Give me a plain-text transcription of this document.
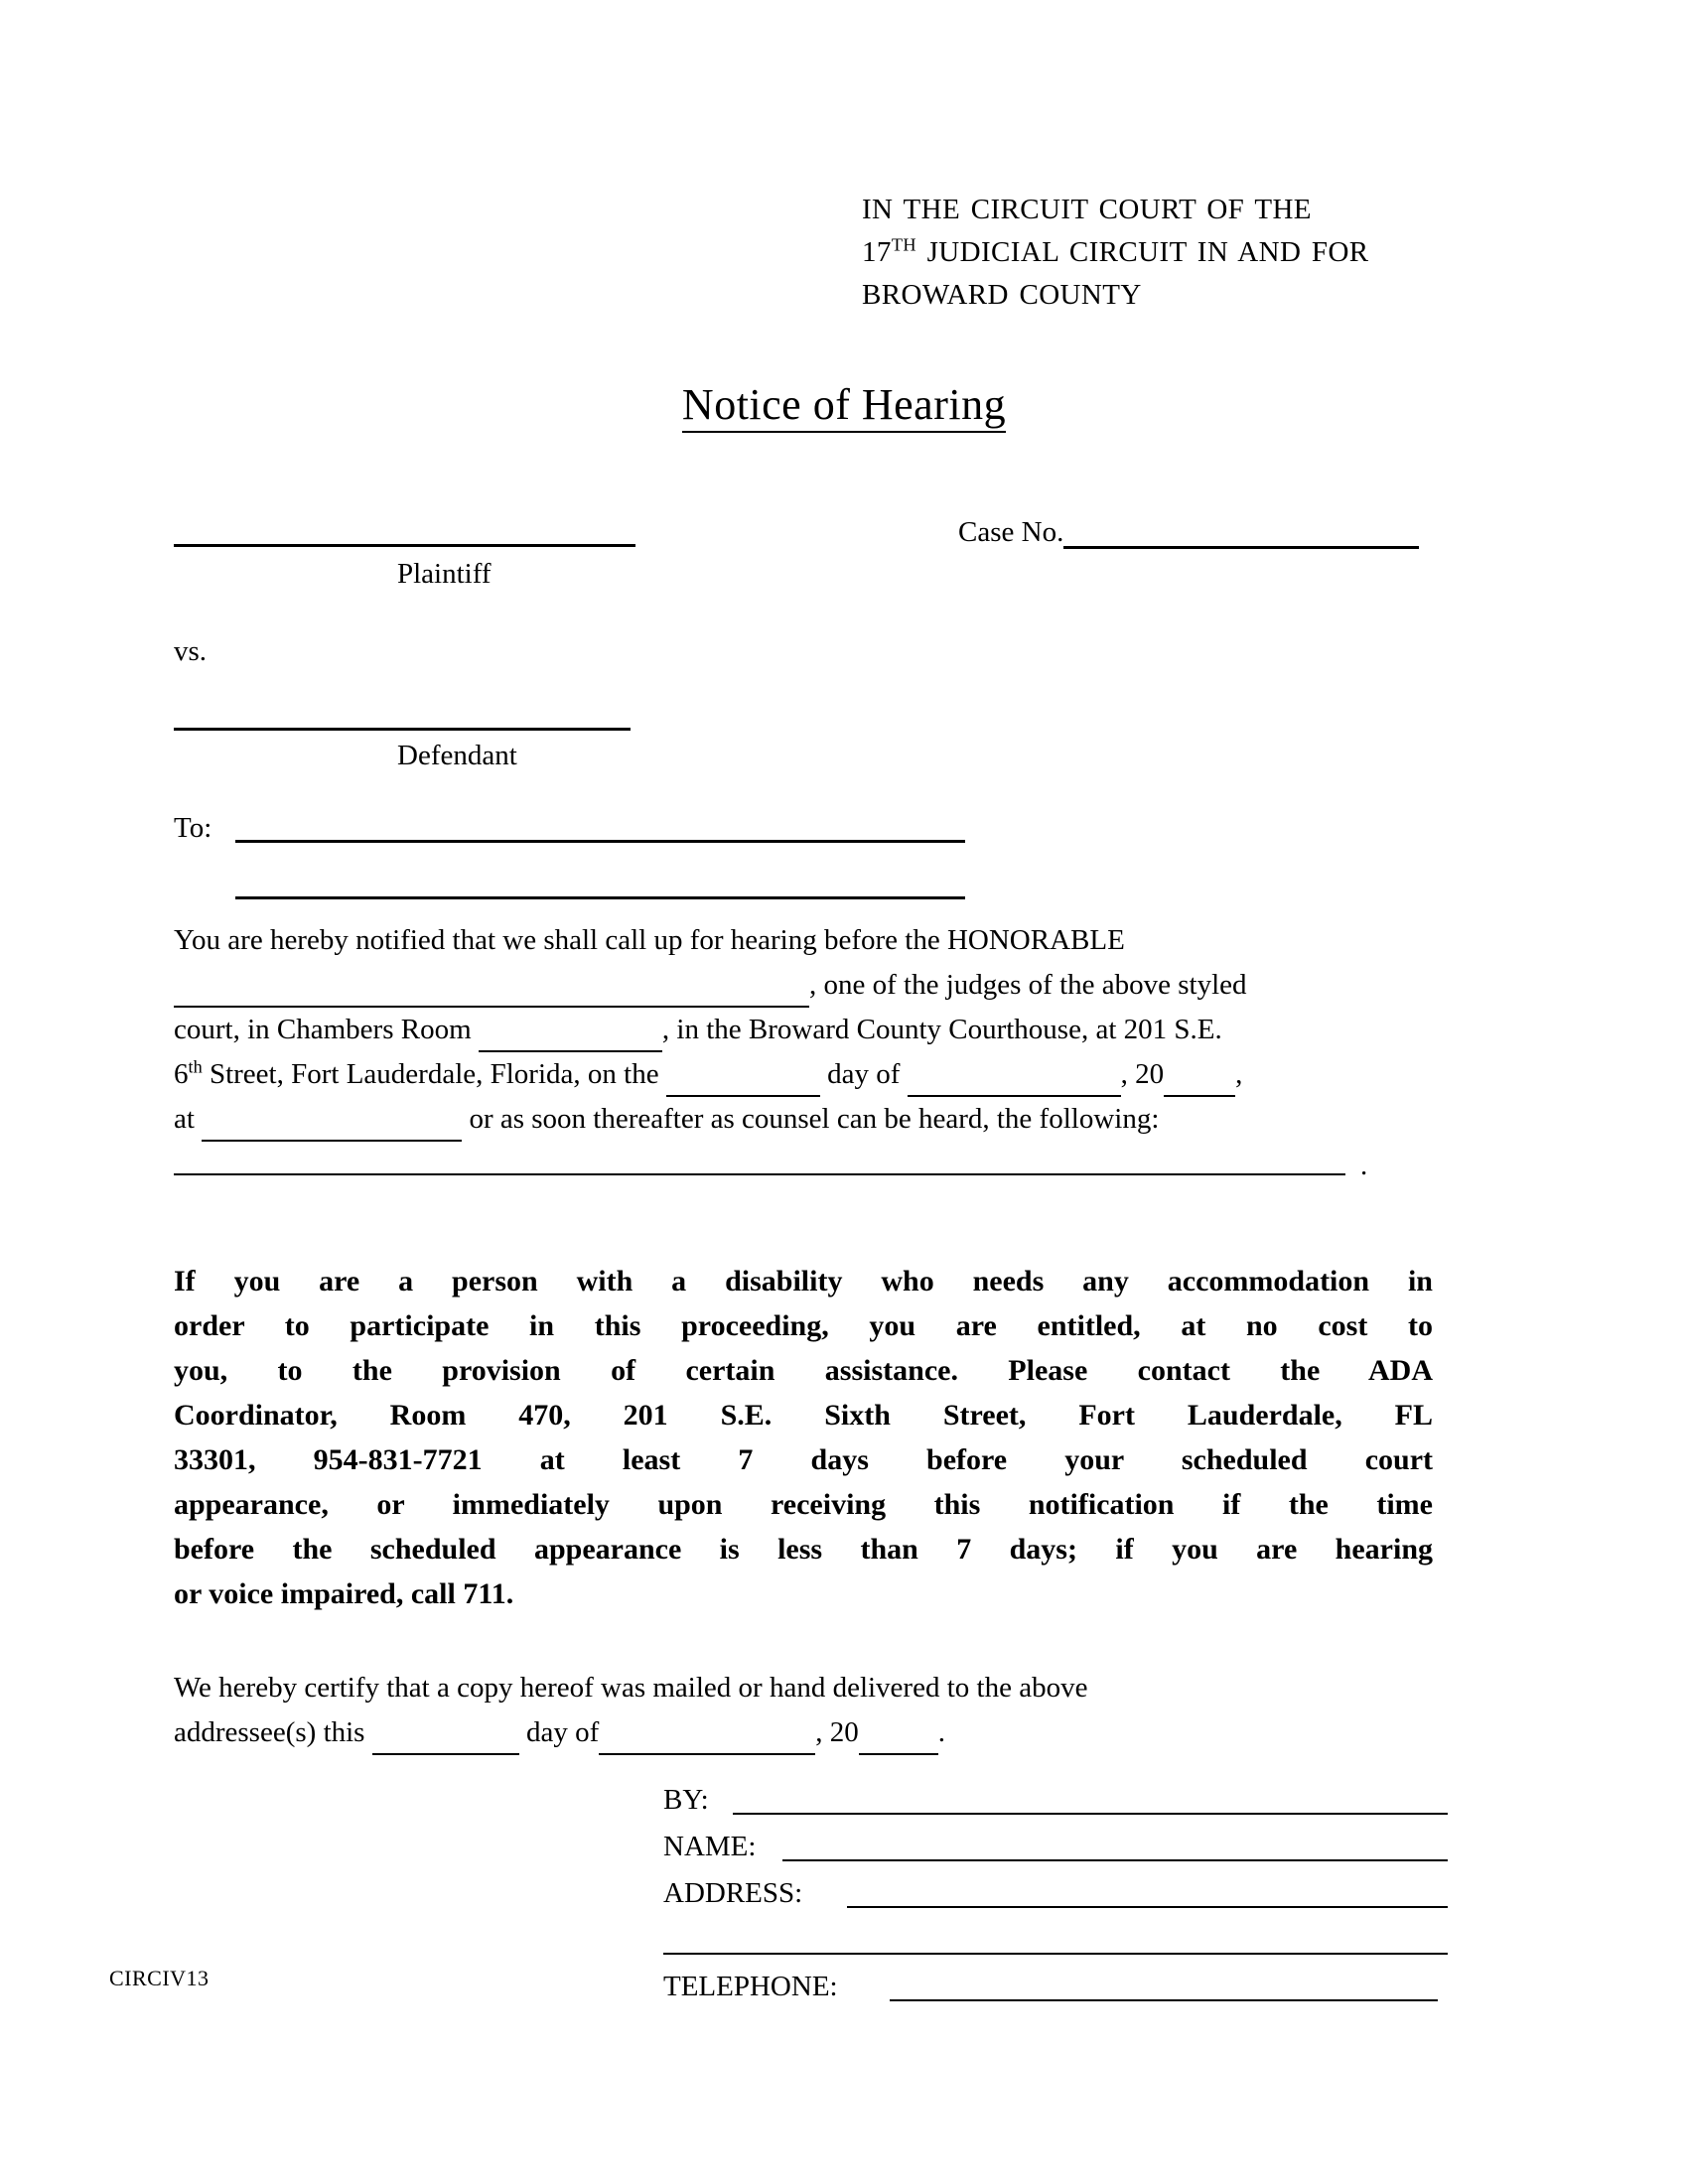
IN THE CIRCUIT COURT OF THE
17TH JUDICIAL CIRCUIT IN AND FOR
BROWARD COUNTY
Notice of Hearing
Case No.
Plaintiff
vs.
Defendant
To:
You are hereby notified that we shall call up for hearing before the HONORABLE
, one of the judges of the above styled
court, in Chambers Room	, in the Broward County Courthouse, at 201 S.E.
6th Street, Fort Lauderdale, Florida, on the	day of	, 20 ,
at	or as soon thereafter as counsel can be heard, the following:
.
If you are a person with a disability who needs any accommodation in
order to participate in this proceeding, you are entitled, at no cost to
you, to the provision of certain assistance. Please contact the ADA
Coordinator, Room 470, 201 S.E. Sixth Street, Fort Lauderdale, FL
33301, 954-831-7721 at least 7 days before your scheduled court
appearance, or immediately upon receiving this notification if the time
before the scheduled appearance is less than 7 days; if you are hearing
or voice impaired, call 711.
We hereby certify that a copy hereof was mailed or hand delivered to the above
addressee(s) this	day of	, 20	.
BY:
NAME:
ADDRESS:
TELEPHONE:
CIRCIV13
